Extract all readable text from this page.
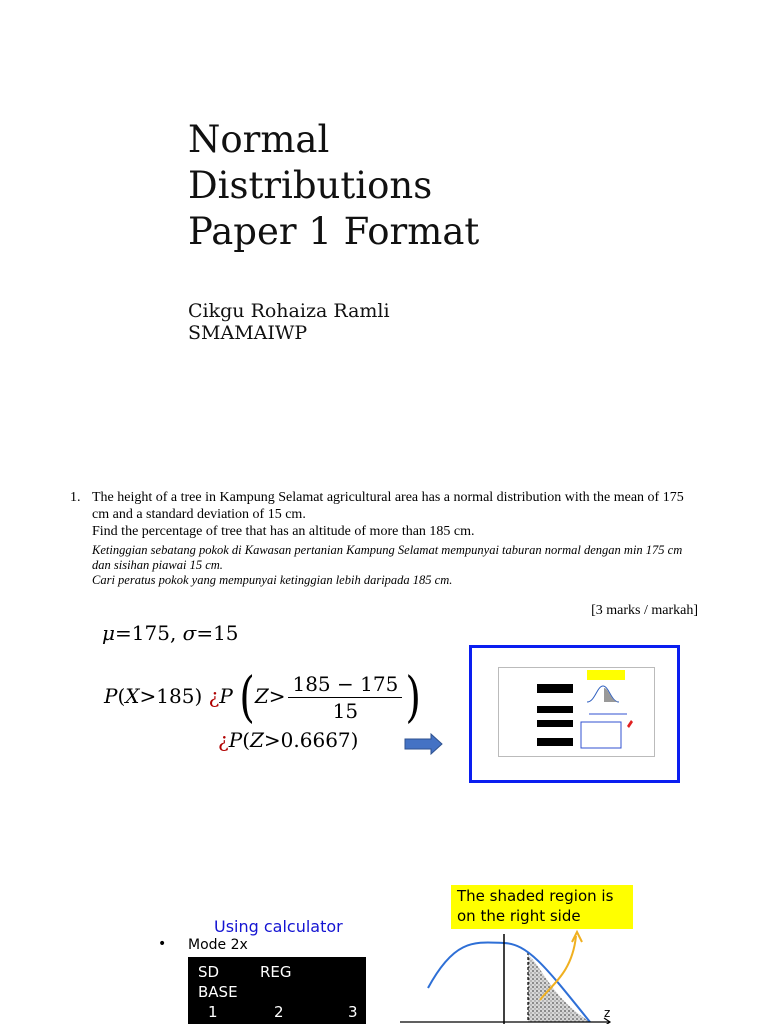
Normal
Distributions
Paper 1 Format
Cikgu Rohaiza Ramli
SMAMAIWP
1. The height of a tree in Kampung Selamat agricultural area has a normal distribution with the mean of 175 cm and a standard deviation of 15 cm.
Find the percentage of tree that has an altitude of more than 185 cm.
Ketinggian sebatang pokok di Kawasan pertanian Kampung Selamat mempunyai taburan normal dengan min 175 cm dan sisihan piawai 15 cm.
Cari peratus pokok yang mempunyai ketinggian lebih daripada 185 cm.
[3 marks / markah]
μ=175, σ=15
P(X>185) ¿P ($Z> \frac{185 - 175}{15}$ )
¿P(Z>0.6667)
Using calculator
• Mode 2x
SD	REG
BASE
1	2	3
The shaded region is on the right side
z
